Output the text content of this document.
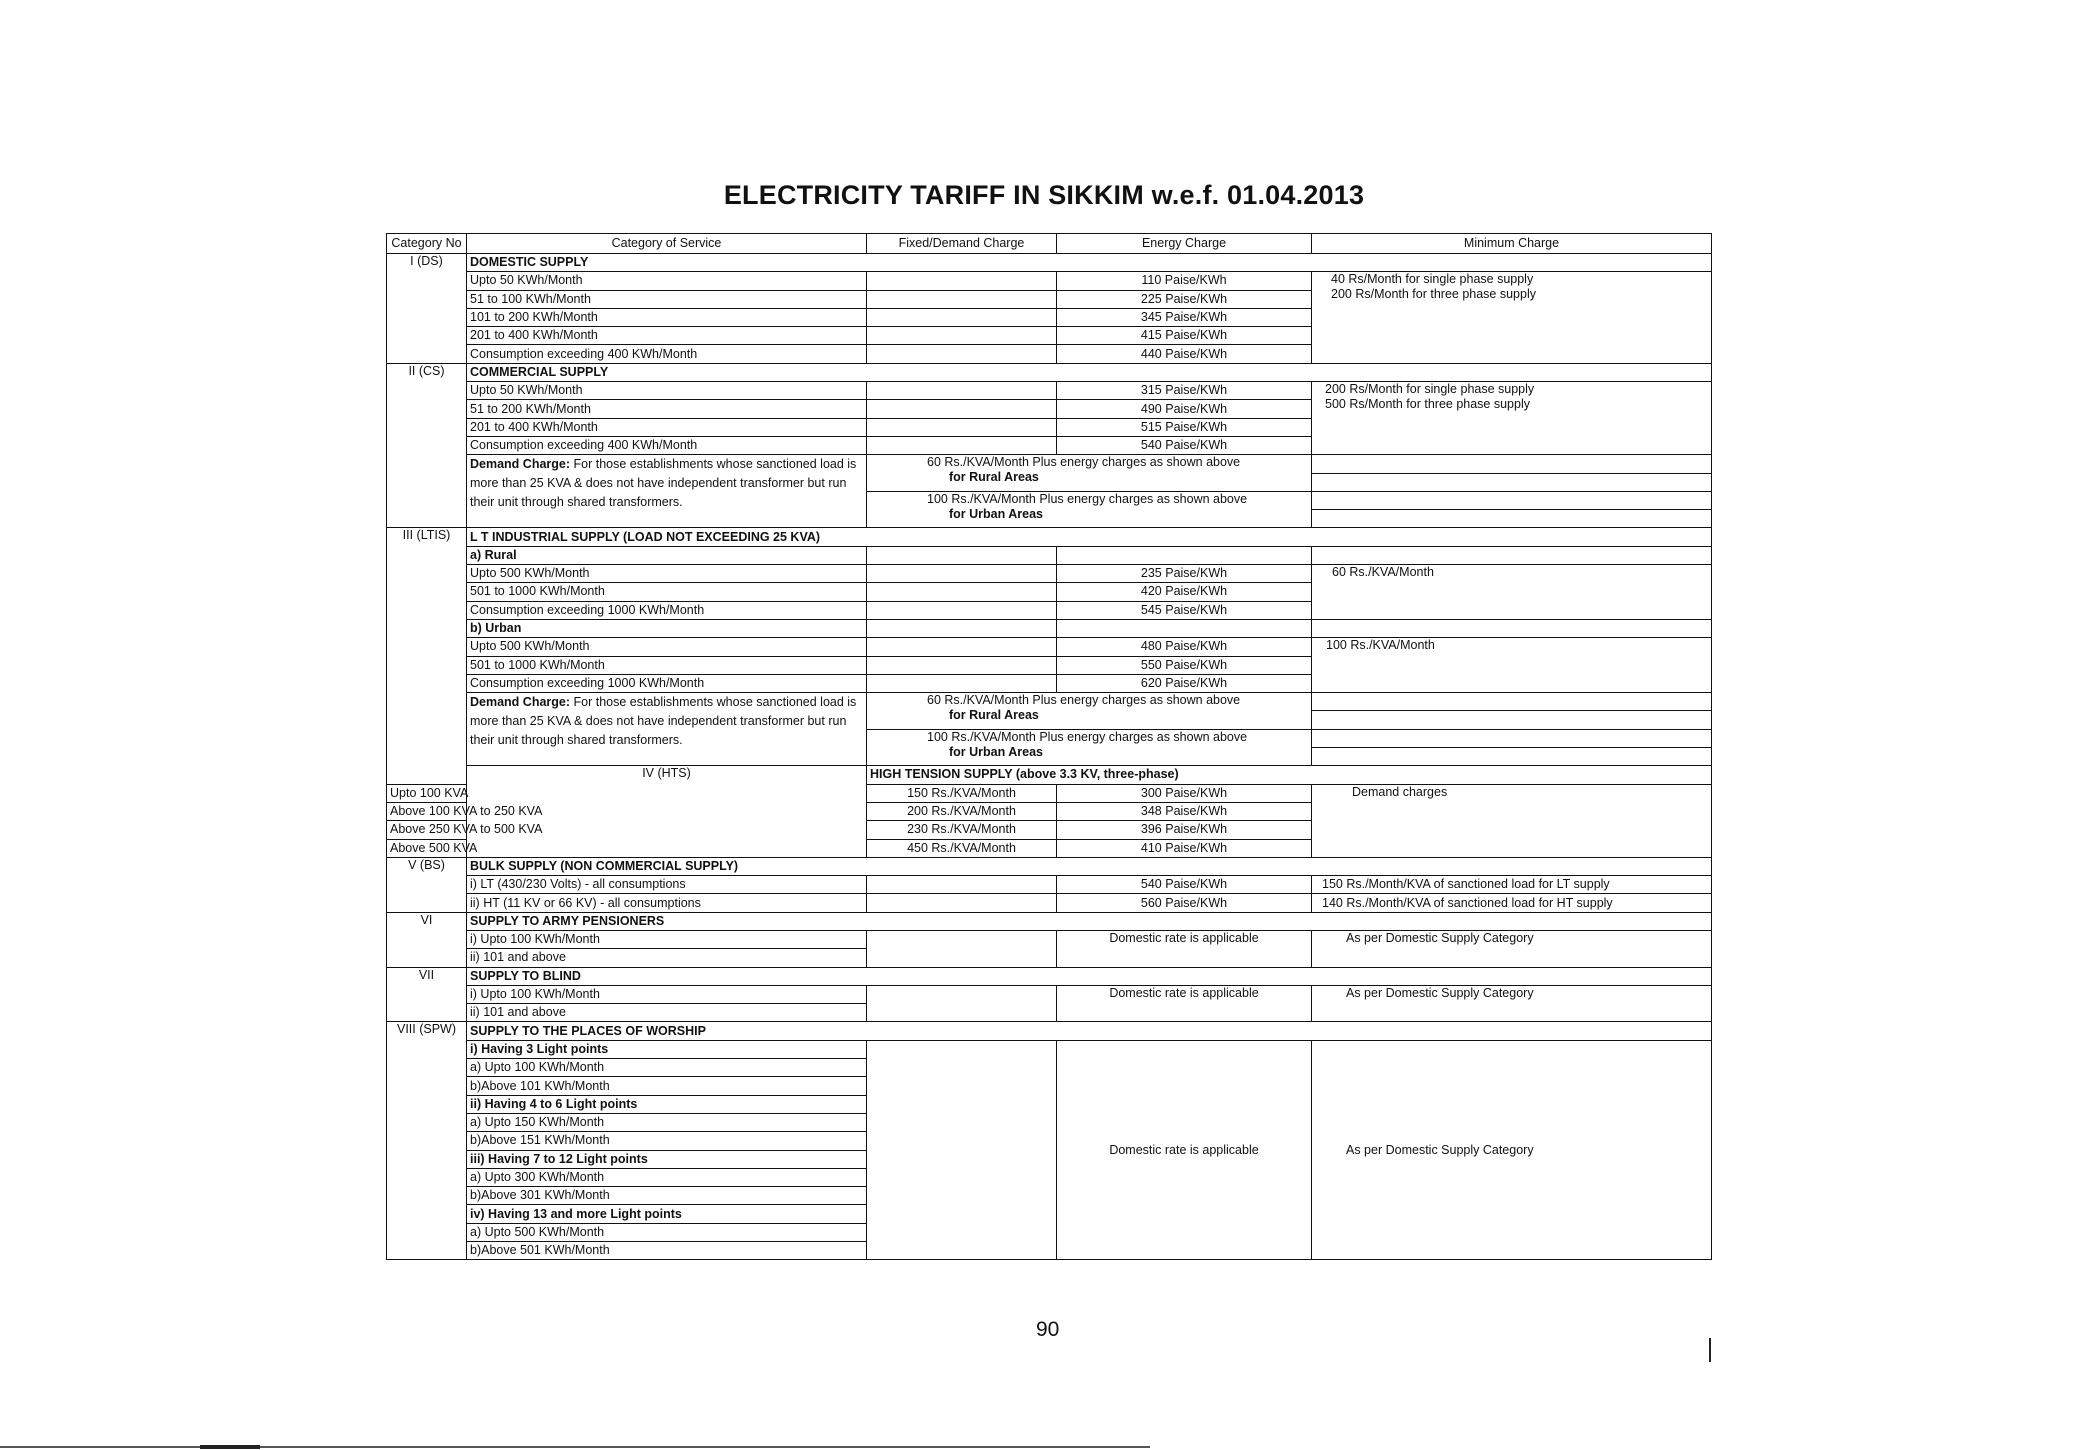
ELECTRICITY TARIFF IN SIKKIM w.e.f. 01.04.2013
Category No	Category of Service	Fixed/Demand Charge	Energy Charge	Minimum Charge
I (DS)	DOMESTIC SUPPLY			
	Upto 50 KWh/Month		110 Paise/KWh	40 Rs/Month for single phase supply
200 Rs/Month for three phase supply

	51 to 100 KWh/Month		225 Paise/KWh	
	101 to 200 KWh/Month		345 Paise/KWh	
	201 to 400 KWh/Month		415 Paise/KWh	
	Consumption exceeding 400 KWh/Month		440 Paise/KWh	
II (CS)	COMMERCIAL SUPPLY			
	Upto 50 KWh/Month		315 Paise/KWh	200 Rs/Month for single phase supply
500 Rs/Month for three phase supply

	51 to 200 KWh/Month		490 Paise/KWh	
	201 to 400 KWh/Month		515 Paise/KWh	
	Consumption exceeding 400 KWh/Month		540 Paise/KWh	
	Demand Charge: For those establishments whose sanctioned load is more than 25 KVA & does not have independent transformer but run their unit through shared transformers.	60 Rs./KVA/Month Plus energy charges as shown above
for Rural Areas		

		100 Rs./KVA/Month Plus energy charges as shown above
for Urban Areas		

III (LTIS)	L T INDUSTRIAL SUPPLY (LOAD NOT EXCEEDING 25 KVA)			
	a) Rural			
	Upto 500 KWh/Month		235 Paise/KWh	60 Rs./KVA/Month
	501 to 1000 KWh/Month		420 Paise/KWh	
	Consumption exceeding 1000 KWh/Month		545 Paise/KWh	
	b) Urban			
	Upto 500 KWh/Month		480 Paise/KWh	100 Rs./KVA/Month
	501 to 1000 KWh/Month		550 Paise/KWh	
	Consumption exceeding 1000 KWh/Month		620 Paise/KWh	
	Demand Charge: For those establishments whose sanctioned load is more than 25 KVA & does not have independent transformer but run their unit through shared transformers.	60 Rs./KVA/Month Plus energy charges as shown above
for Rural Areas		

		100 Rs./KVA/Month Plus energy charges as shown above
for Urban Areas		

	IV (HTS)	HIGH TENSION SUPPLY (above 3.3 KV, three-phase)		
Upto 100 KVA		150 Rs./KVA/Month	300 Paise/KWh	Demand charges
Above 100 KVA to 250 KVA		200 Rs./KVA/Month	348 Paise/KWh	
Above 250 KVA to 500 KVA		230 Rs./KVA/Month	396 Paise/KWh	
Above 500 KVA		450 Rs./KVA/Month	410 Paise/KWh	
V (BS)	BULK SUPPLY (NON COMMERCIAL SUPPLY)			
	i) LT (430/230 Volts) - all consumptions		540 Paise/KWh	150 Rs./Month/KVA of sanctioned load for LT supply
	ii) HT (11 KV or 66 KV) - all consumptions		560 Paise/KWh	140 Rs./Month/KVA of sanctioned load for HT supply
VI	SUPPLY TO ARMY PENSIONERS			
	i) Upto 100 KWh/Month		Domestic rate is applicable	As per Domestic Supply Category
	ii) 101 and above			
VII	SUPPLY TO BLIND			
	i) Upto 100 KWh/Month		Domestic rate is applicable	As per Domestic Supply Category
	ii) 101 and above			
VIII (SPW)	SUPPLY TO THE PLACES OF WORSHIP			
	i) Having 3 Light points		Domestic rate is applicable	As per Domestic Supply Category
	a) Upto 100 KWh/Month			
	b)Above 101 KWh/Month			
	ii) Having 4 to 6 Light points			
	a) Upto 150 KWh/Month			
	b)Above 151 KWh/Month			
	iii) Having 7 to 12 Light points			
	a) Upto 300 KWh/Month			
	b)Above 301 KWh/Month			
	iv) Having 13 and more Light points			
	a) Upto 500 KWh/Month			
	b)Above 501 KWh/Month			
90
